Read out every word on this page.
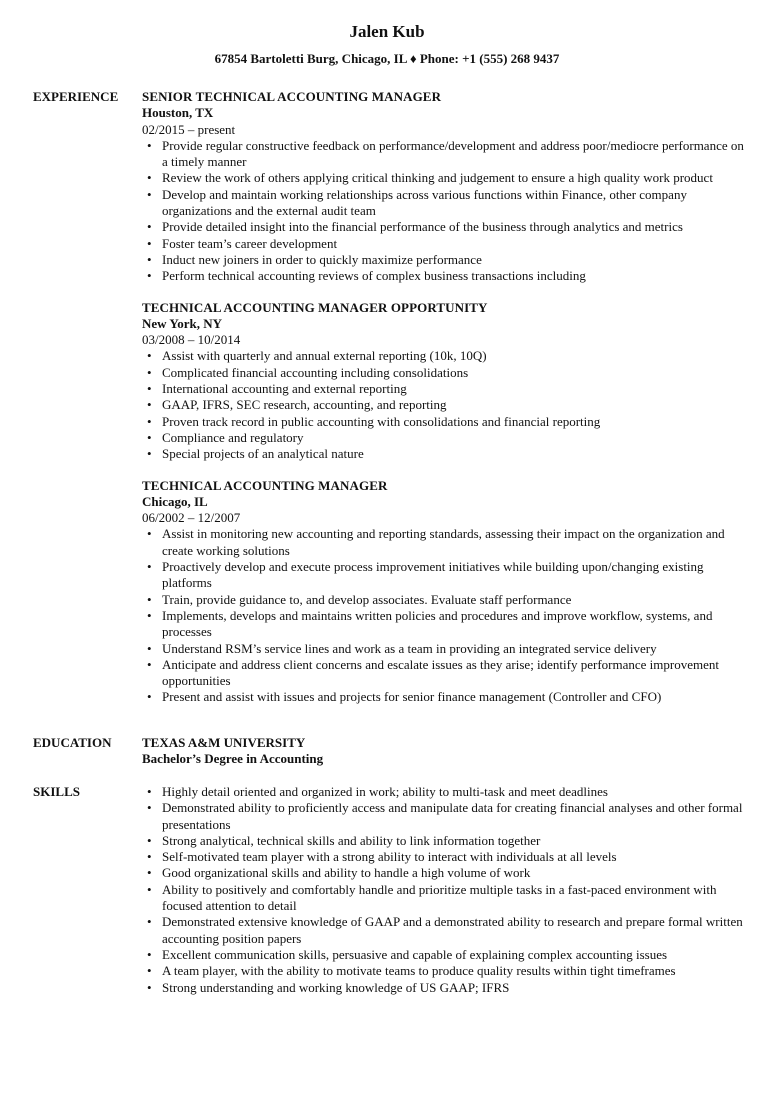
Jalen Kub
67854 Bartoletti Burg, Chicago, IL ♦ Phone: +1 (555) 268 9437
EXPERIENCE	SENIOR TECHNICAL ACCOUNTING MANAGER
Houston, TX
02/2015 – present
• Provide regular constructive feedback on performance/development and address poor/mediocre performance on a timely manner
• Review the work of others applying critical thinking and judgement to ensure a high quality work product
• Develop and maintain working relationships across various functions within Finance, other company organizations and the external audit team
• Provide detailed insight into the financial performance of the business through analytics and metrics
• Foster team’s career development
• Induct new joiners in order to quickly maximize performance
• Perform technical accounting reviews of complex business transactions including
TECHNICAL ACCOUNTING MANAGER OPPORTUNITY
New York, NY
03/2008 – 10/2014
• Assist with quarterly and annual external reporting (10k, 10Q)
• Complicated financial accounting including consolidations
• International accounting and external reporting
• GAAP, IFRS, SEC research, accounting, and reporting
• Proven track record in public accounting with consolidations and financial reporting
• Compliance and regulatory
• Special projects of an analytical nature
TECHNICAL ACCOUNTING MANAGER
Chicago, IL
06/2002 – 12/2007
• Assist in monitoring new accounting and reporting standards, assessing their impact on the organization and create working solutions
• Proactively develop and execute process improvement initiatives while building upon/changing existing platforms
• Train, provide guidance to, and develop associates. Evaluate staff performance
• Implements, develops and maintains written policies and procedures and improve workflow, systems, and processes
• Understand RSM’s service lines and work as a team in providing an integrated service delivery
• Anticipate and address client concerns and escalate issues as they arise; identify performance improvement opportunities
• Present and assist with issues and projects for senior finance management (Controller and CFO)
EDUCATION	TEXAS A&M UNIVERSITY
Bachelor’s Degree in Accounting
SKILLS
•	Highly detail oriented and organized in work; ability to multi-task and meet deadlines
• Demonstrated ability to proficiently access and manipulate data for creating financial analyses and other formal presentations
• Strong analytical, technical skills and ability to link information together
• Self-motivated team player with a strong ability to interact with individuals at all levels
• Good organizational skills and ability to handle a high volume of work
• Ability to positively and comfortably handle and prioritize multiple tasks in a fast-paced environment with focused attention to detail
• Demonstrated extensive knowledge of GAAP and a demonstrated ability to research and prepare formal written accounting position papers
• Excellent communication skills, persuasive and capable of explaining complex accounting issues
• A team player, with the ability to motivate teams to produce quality results within tight timeframes
• Strong understanding and working knowledge of US GAAP; IFRS
